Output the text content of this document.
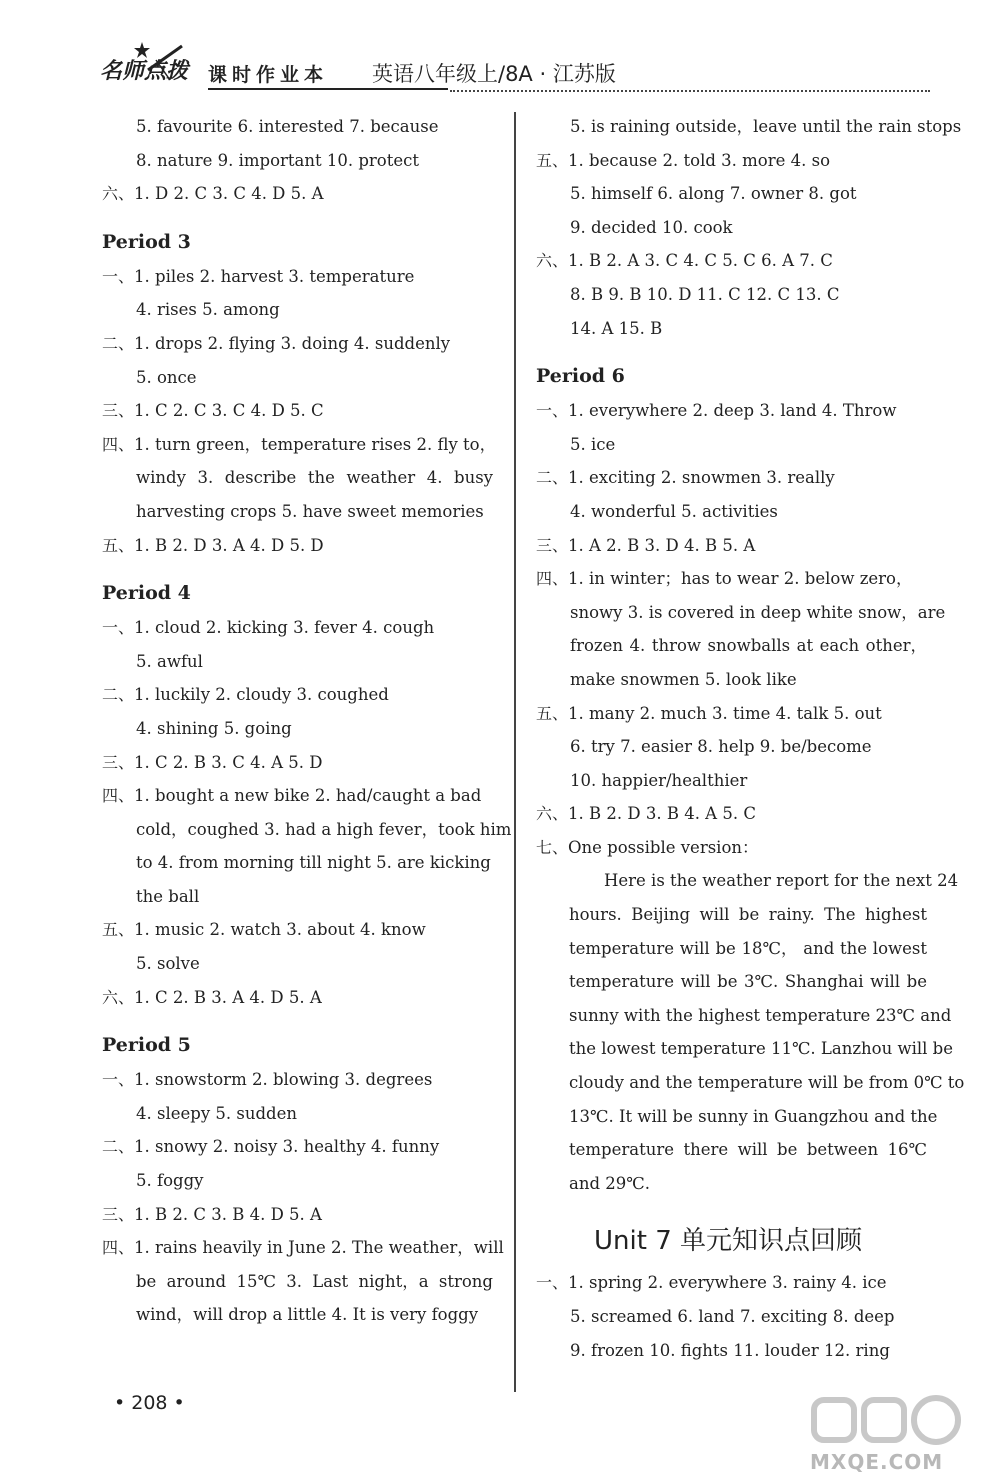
名师点拨 课时作业本 英语八年级上/8A · 江苏版
5. favourite 6. interested 7. because
8. nature 9. important 10. protect
六、1. D 2. C 3. C 4. D 5. A
Period 3
一、1. piles 2. harvest 3. temperature
4. rises 5. among
二、1. drops 2. flying 3. doing 4. suddenly
5. once
三、1. C 2. C 3. C 4. D 5. C
四、1. turn green，temperature rises 2. fly to，
windy 3. describe the weather 4. busy
harvesting crops 5. have sweet memories
五、1. B 2. D 3. A 4. D 5. D
Period 4
一、1. cloud 2. kicking 3. fever 4. cough
5. awful
二、1. luckily 2. cloudy 3. coughed
4. shining 5. going
三、1. C 2. B 3. C 4. A 5. D
四、1. bought a new bike 2. had/caught a bad
cold，coughed 3. had a high fever，took him
to 4. from morning till night 5. are kicking
the ball
五、1. music 2. watch 3. about 4. know
5. solve
六、1. C 2. B 3. A 4. D 5. A
Period 5
一、1. snowstorm 2. blowing 3. degrees
4. sleepy 5. sudden
二、1. snowy 2. noisy 3. healthy 4. funny
5. foggy
三、1. B 2. C 3. B 4. D 5. A
四、1. rains heavily in June 2. The weather，will
be around 15℃ 3. Last night，a strong
wind，will drop a little 4. It is very foggy
5. is raining outside，leave until the rain stops
五、1. because 2. told 3. more 4. so
5. himself 6. along 7. owner 8. got
9. decided 10. cook
六、1. B 2. A 3. C 4. C 5. C 6. A 7. C
8. B 9. B 10. D 11. C 12. C 13. C
14. A 15. B
Period 6
一、1. everywhere 2. deep 3. land 4. Throw
5. ice
二、1. exciting 2. snowmen 3. really
4. wonderful 5. activities
三、1. A 2. B 3. D 4. B 5. A
四、1. in winter；has to wear 2. below zero，
snowy 3. is covered in deep white snow，are
frozen 4. throw snowballs at each other，
make snowmen 5. look like
五、1. many 2. much 3. time 4. talk 5. out
6. try 7. easier 8. help 9. be/become
10. happier/healthier
六、1. B 2. D 3. B 4. A 5. C
七、One possible version：
Here is the weather report for the next 24
hours. Beijing will be rainy. The highest
temperature will be 18℃， and the lowest
temperature will be 3℃. Shanghai will be
sunny with the highest temperature 23℃ and
the lowest temperature 11℃. Lanzhou will be
cloudy and the temperature will be from 0℃ to
13℃. It will be sunny in Guangzhou and the
temperature there will be between 16℃
and 29℃.
Unit 7 单元知识点回顾
一、1. spring 2. everywhere 3. rainy 4. ice
5. screamed 6. land 7. exciting 8. deep
9. frozen 10. fights 11. louder 12. ring
• 208 •
MXQE.COM
